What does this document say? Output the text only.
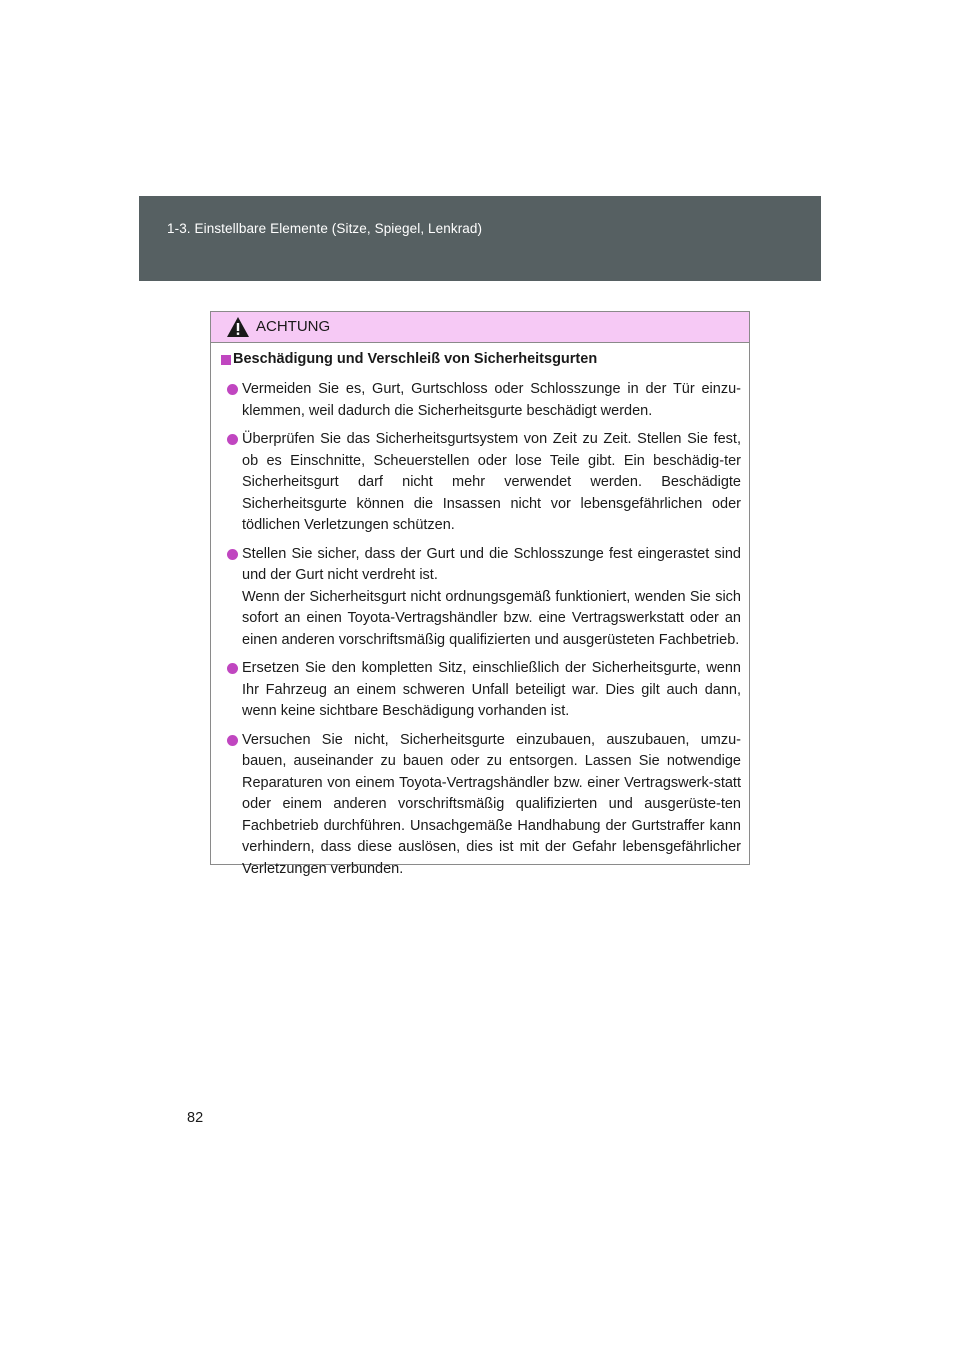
1-3. Einstellbare Elemente (Sitze, Spiegel, Lenkrad)
ACHTUNG
Beschädigung und Verschleiß von Sicherheitsgurten
Vermeiden Sie es, Gurt, Gurtschloss oder Schlosszunge in der Tür einzu-klemmen, weil dadurch die Sicherheitsgurte beschädigt werden.
Überprüfen Sie das Sicherheitsgurtsystem von Zeit zu Zeit. Stellen Sie fest, ob es Einschnitte, Scheuerstellen oder lose Teile gibt. Ein beschädig-ter Sicherheitsgurt darf nicht mehr verwendet werden. Beschädigte Sicherheitsgurte können die Insassen nicht vor lebensgefährlichen oder tödlichen Verletzungen schützen.
Stellen Sie sicher, dass der Gurt und die Schlosszunge fest eingerastet sind und der Gurt nicht verdreht ist.
Wenn der Sicherheitsgurt nicht ordnungsgemäß funktioniert, wenden Sie sich sofort an einen Toyota-Vertragshändler bzw. eine Vertragswerkstatt oder an einen anderen vorschriftsmäßig qualifizierten und ausgerüsteten Fachbetrieb.
Ersetzen Sie den kompletten Sitz, einschließlich der Sicherheitsgurte, wenn Ihr Fahrzeug an einem schweren Unfall beteiligt war. Dies gilt auch dann, wenn keine sichtbare Beschädigung vorhanden ist.
Versuchen Sie nicht, Sicherheitsgurte einzubauen, auszubauen, umzu-bauen, auseinander zu bauen oder zu entsorgen. Lassen Sie notwendige Reparaturen von einem Toyota-Vertragshändler bzw. einer Vertragswerk-statt oder einem anderen vorschriftsmäßig qualifizierten und ausgerüste-ten Fachbetrieb durchführen. Unsachgemäße Handhabung der Gurtstraffer kann verhindern, dass diese auslösen, dies ist mit der Gefahr lebensgefährlicher Verletzungen verbunden.
82
